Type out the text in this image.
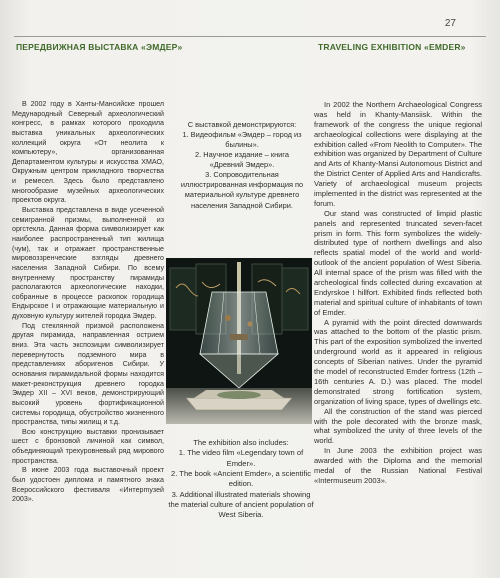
27
ПЕРЕДВИЖНАЯ ВЫСТАВКА «ЭМДЕР»	TRAVELING EXHIBITION «EMDER»

В 2002 году в Ханты-Мансийске прошел Медународный Северный археологический конгресс, в рамках которого проходила выставка уникальных археологических коллекций округа «От неолита к компьютеру», организованная Департаментом культуры и искусства ХМАО, Окружным центром прикладного творчества и ремесел. Здесь было представлено многообразие музейных археологических проектов округа.

Выставка представлена в виде усеченной семигранной призмы, выполненной из оргстекла. Данная форма символизирует как наиболее распространенный тип жилища (чум), так и отражает пространственные мировоззренческие взгляды древнего населения Западной Сибири. По всему внутреннему пространству пирамиды располагаются археологические находки, собранные в процессе раскопок городища Ендырское I и отражающие материальную и духовную культуру жителей городка Эмдер.

Под стеклянной призмой расположена другая пирамида, направленная острием вниз. Эта часть экспозиции символизирует перевернутость подземного мира в представлениях аборигенов Сибири. У основания пирамидальной формы находится макет-реконструкция древнего городка Эмдер XII – XVI веков, демонстрирующий высокий уровень фортификационной системы городища, обустройство жизненного пространства, типы жилищ и т.д.

Всю конструкцию выставки пронизывает шест с бронзовой личиной как символ, объединяющий трехуровневый ряд мирового пространства.

В июне 2003 года выставочный проект был удостоен диплома и памятного знака Всероссийского фестиваля «Интерmузей 2003».

С выставкой демонстрируются:
1. Видеофильм «Эмдер – город из былины».
2. Научное издание – книга «Древний Эмдер».
3. Сопроводительная иллюстрированная информация по материальной культуре древнего населения Западной Сибири.
The exhibition also includes:
1. The video film «Legendary town of Emder».
2. The book «Ancient Emder», a scientific edition.
3. Additional illustrated materials showing the material culture of ancient population of West Siberia.

In 2002 the Northern Archaeological Congress was held in Khanty-Mansiisk. Within the framework of the congress the unique regional archaeological collections were displaying at the exhibition called «From Neolith to Computer». The exhibition was organized by Department of Culture and Arts of Khanty-Mansi Autonomous District and the District Center of Applied Arts and Handicrafts. Variety of archaeological museum projects implemented in the district was represented at the forum.

Our stand was constructed of limpid plastic panels and represented truncated seven-facet prism in form. This form symbolizes the widely-distributed type of northern dwellings and also reflects spatial model of the world and world-outlook of the ancient population of West Siberia. All internal space of the prism was filled with the archeological finds collected during excavation at Endyrskoe I hillfort. Exhibited finds reflected both material and spiritual culture of inhabitants of town of Emder.

A pyramid with the point directed downwards was attached to the bottom of the plastic prism. This part of the exposition symbolized the inverted underground world as it appeared in religious concepts of Siberian natives. Under the pyramid the model of reconstructed Emder fortress (12th – 16th centuries A. D.) was placed. The model demonstrated strong fortification system, organization of living space, types of dwellings etc.

All the construction of the stand was pierced with the pole decorated with the bronze mask, what symbolized the unity of three levels of the world.

In June 2003 the exhibition project was awarded with the Diploma and the memorial medal of the Russian National Festival «Intermuseum 2003».
